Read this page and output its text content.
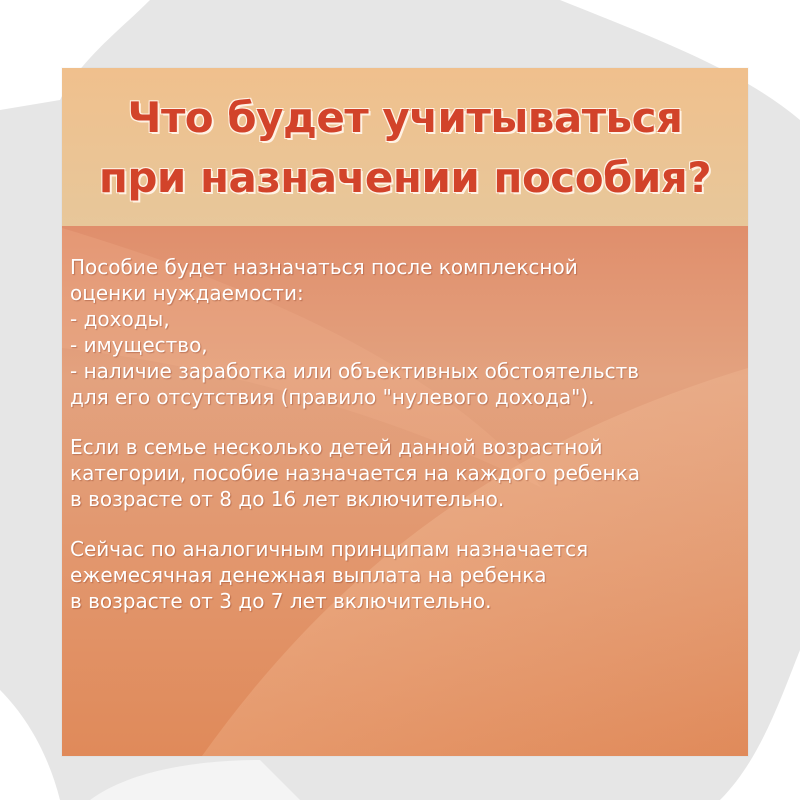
Что будет учитываться
при назначении пособия?

Пособие будет назначаться после комплексной
оценки нуждаемости:
- доходы,
- имущество,
- наличие заработка или объективных обстоятельств
для его отсутствия (правило "нулевого дохода").

Если в семье несколько детей данной возрастной
категории, пособие назначается на каждого ребенка
в возрасте от 8 до 16 лет включительно.

Сейчас по аналогичным принципам назначается
ежемесячная денежная выплата на ребенка
в возрасте от 3 до 7 лет включительно.
